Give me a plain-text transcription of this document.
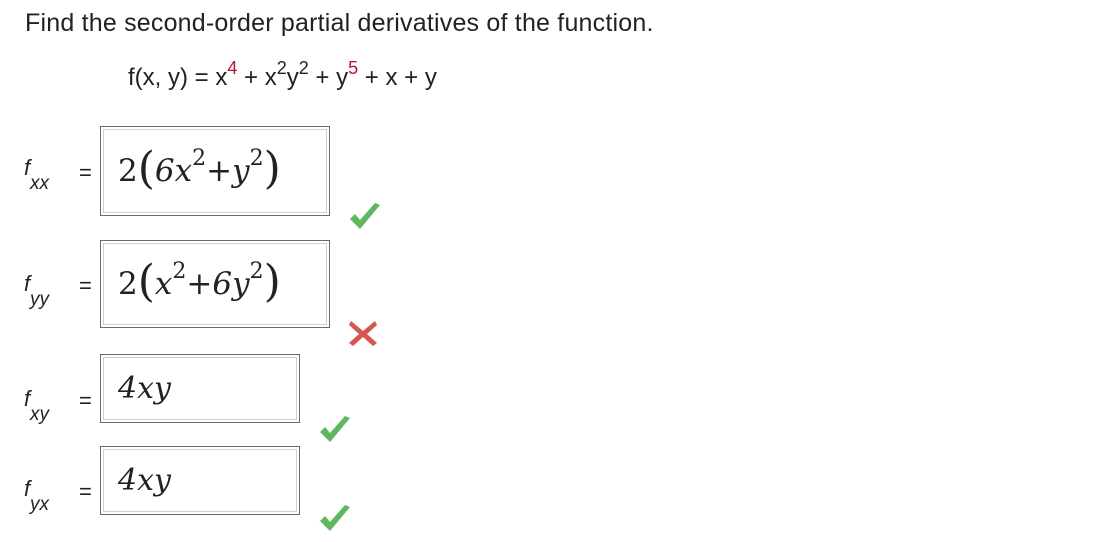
Find the second-order partial derivatives of the function.
f(x, $y) = x^4 + x^2y^2 + y^5 + x + y$
f
xx = 2 ( 6x 2 + y 2 )
f
yy
= 2 ( x 2 + 6y 2 )
f
xy
= 4xy
f
yx
= 4xy
